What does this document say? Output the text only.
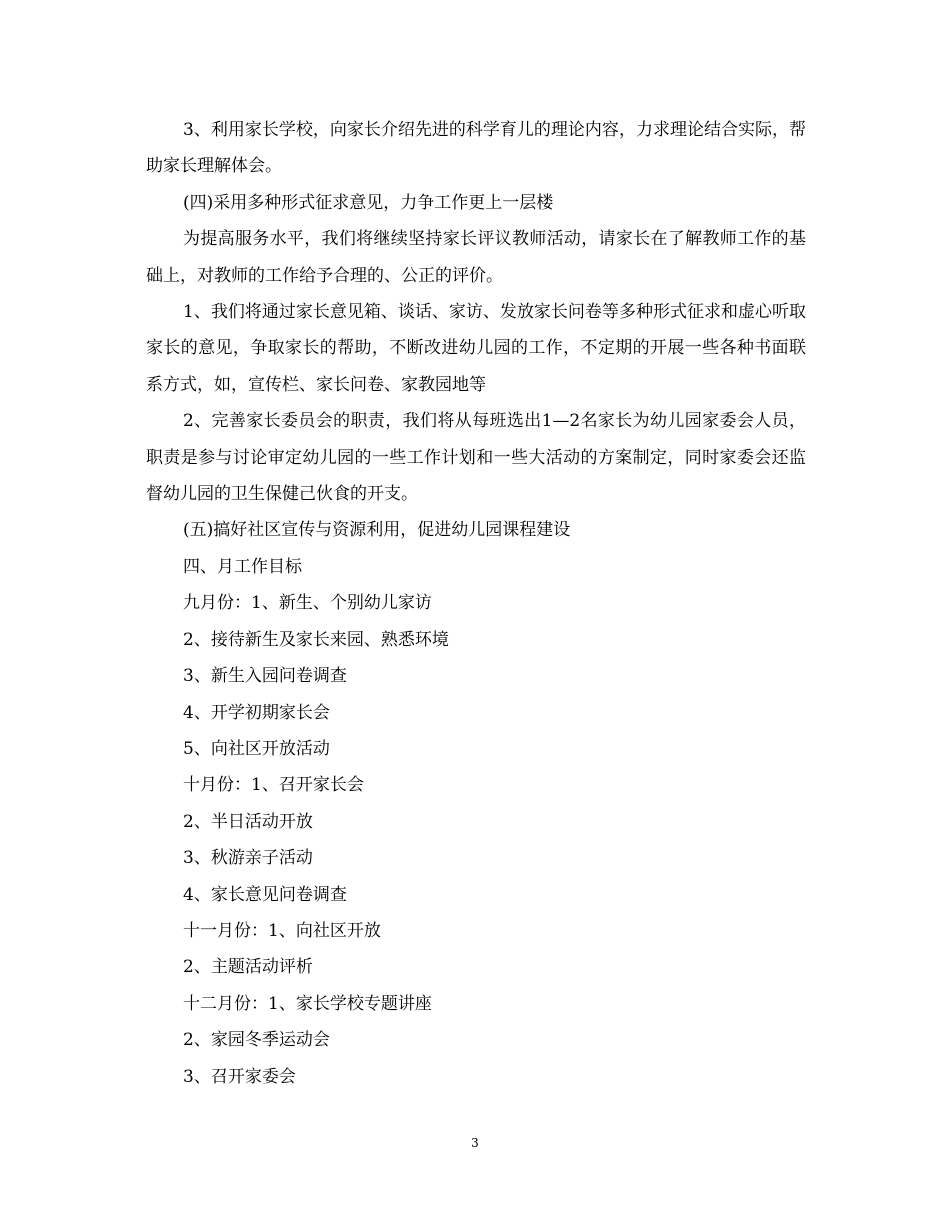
3、利用家长学校，向家长介绍先进的科学育儿的理论内容，力求理论结合实际，帮助家长理解体会。

(四)采用多种形式征求意见，力争工作更上一层楼

为提高服务水平，我们将继续坚持家长评议教师活动，请家长在了解教师工作的基础上，对教师的工作给予合理的、公正的评价。

1、我们将通过家长意见箱、谈话、家访、发放家长问卷等多种形式征求和虚心听取家长的意见，争取家长的帮助，不断改进幼儿园的工作，不定期的开展一些各种书面联系方式，如，宣传栏、家长问卷、家教园地等

2、完善家长委员会的职责，我们将从每班选出1—2名家长为幼儿园家委会人员，职责是参与讨论审定幼儿园的一些工作计划和一些大活动的方案制定，同时家委会还监督幼儿园的卫生保健己伙食的开支。

(五)搞好社区宣传与资源利用，促进幼儿园课程建设

四、月工作目标

九月份：1、新生、个别幼儿家访

2、接待新生及家长来园、熟悉环境

3、新生入园问卷调查

4、开学初期家长会

5、向社区开放活动

十月份：1、召开家长会

2、半日活动开放

3、秋游亲子活动

4、家长意见问卷调查

十一月份：1、向社区开放

2、主题活动评析

十二月份：1、家长学校专题讲座

2、家园冬季运动会

3、召开家委会

3
